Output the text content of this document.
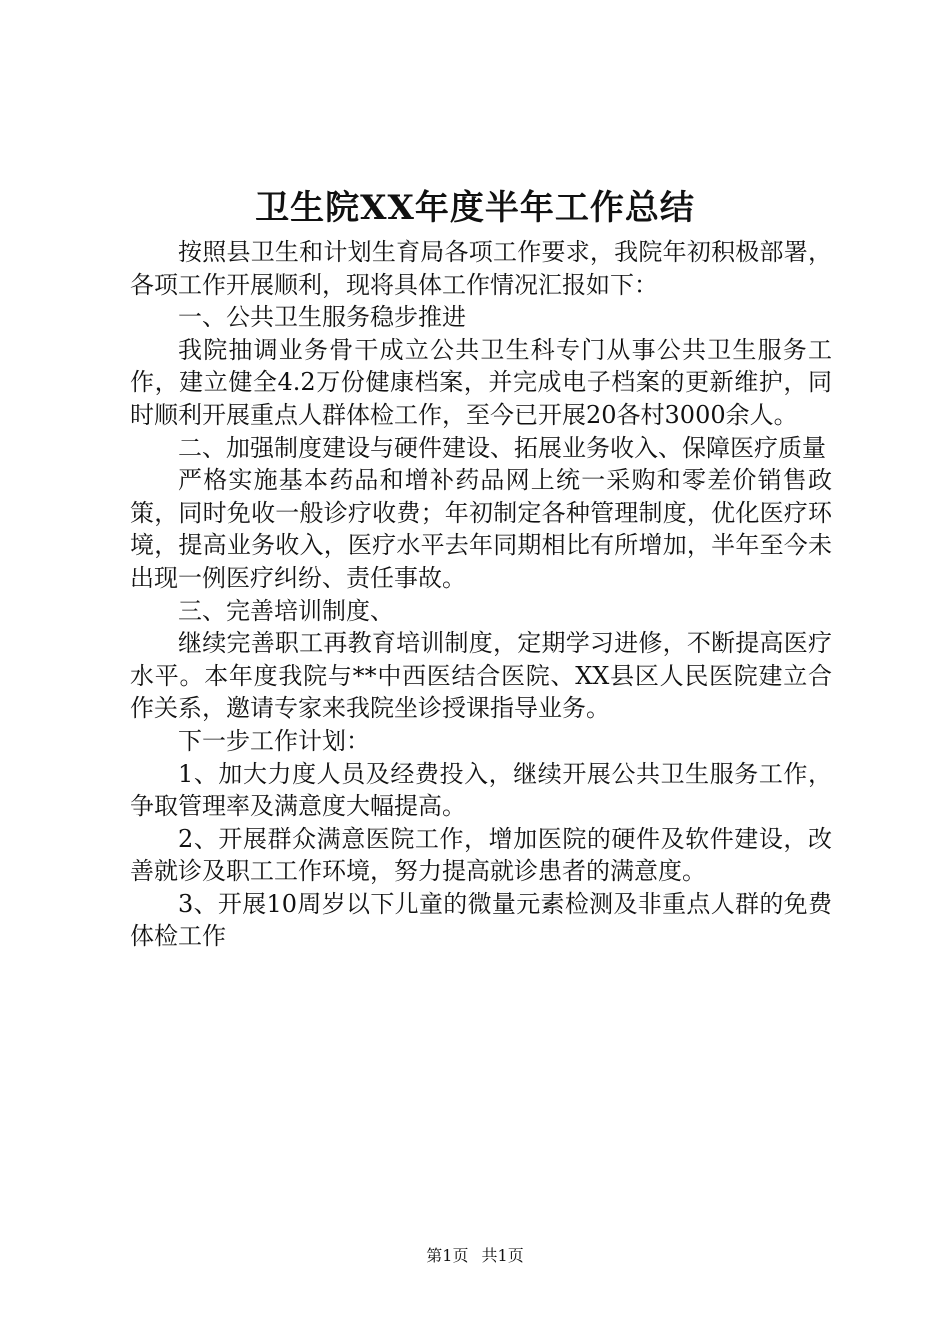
卫生院XX年度半年工作总结

按照县卫生和计划生育局各项工作要求，我院年初积极部署，各项工作开展顺利，现将具体工作情况汇报如下：

一、公共卫生服务稳步推进

我院抽调业务骨干成立公共卫生科专门从事公共卫生服务工作，建立健全4.2万份健康档案，并完成电子档案的更新维护，同时顺利开展重点人群体检工作，至今已开展20各村3000余人。

二、加强制度建设与硬件建设、拓展业务收入、保障医疗质量

严格实施基本药品和增补药品网上统一采购和零差价销售政策，同时免收一般诊疗收费；年初制定各种管理制度，优化医疗环境，提高业务收入，医疗水平去年同期相比有所增加，半年至今未出现一例医疗纠纷、责任事故。

三、完善培训制度、

继续完善职工再教育培训制度，定期学习进修，不断提高医疗水平。本年度我院与**中西医结合医院、XX县区人民医院建立合作关系，邀请专家来我院坐诊授课指导业务。

下一步工作计划：

1、加大力度人员及经费投入，继续开展公共卫生服务工作，争取管理率及满意度大幅提高。

2、开展群众满意医院工作，增加医院的硬件及软件建设，改善就诊及职工工作环境，努力提高就诊患者的满意度。

3、开展10周岁以下儿童的微量元素检测及非重点人群的免费体检工作

第1页 共1页
